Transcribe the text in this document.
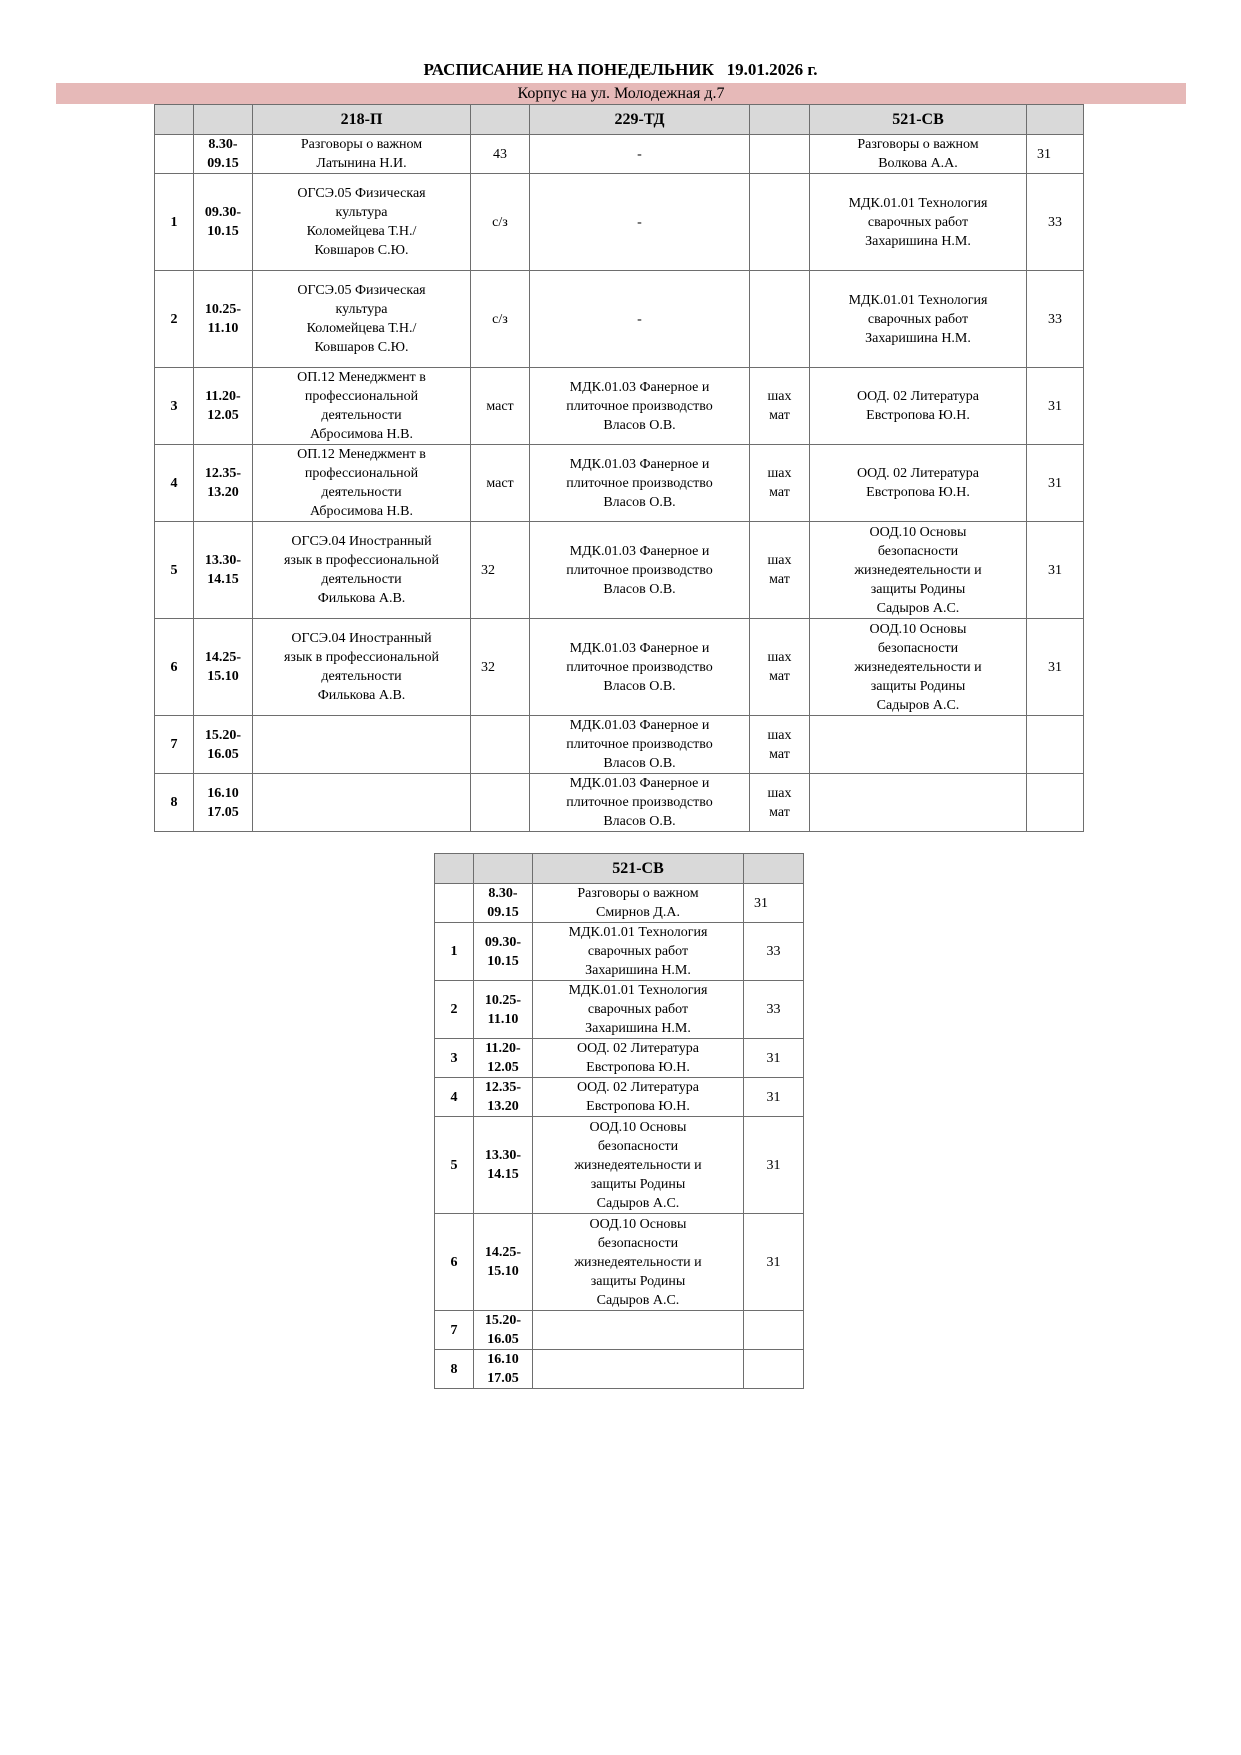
РАСПИСАНИЕ НА ПОНЕДЕЛЬНИК   19.01.2026 г.
Корпус на ул. Молодежная д.7
		218-П		229-ТД		521-СВ	
	8.30- 09.15	Разговоры о важном
Латынина Н.И.	43	-		Разговоры о важном
Волкова А.А.	31
1	09.30- 10.15	ОГСЭ.05 Физическая
культура
Коломейцева Т.Н./
Ковшаров С.Ю.	с/з	-		МДК.01.01 Технология
сварочных работ
Захаришина Н.М.	33
2	10.25- 11.10	ОГСЭ.05 Физическая
культура
Коломейцева Т.Н./
Ковшаров С.Ю.	с/з	-		МДК.01.01 Технология
сварочных работ
Захаришина Н.М.	33
3	11.20- 12.05	ОП.12 Менеджмент в
профессиональной
деятельности
Абросимова Н.В.	маст	МДК.01.03 Фанерное и
плиточное производство
Власов О.В.	шах
мат	ООД. 02 Литература
Евстропова Ю.Н.	31
4	12.35- 13.20	ОП.12 Менеджмент в
профессиональной
деятельности
Абросимова Н.В.	маст	МДК.01.03 Фанерное и
плиточное производство
Власов О.В.	шах
мат	ООД. 02 Литература
Евстропова Ю.Н.	31
5	13.30- 14.15	ОГСЭ.04 Иностранный
язык в профессиональной
деятельности
Филькова А.В.	32	МДК.01.03 Фанерное и
плиточное производство
Власов О.В.	шах
мат	ООД.10 Основы
безопасности
жизнедеятельности и
защиты Родины
Садыров А.С.	31
6	14.25- 15.10	ОГСЭ.04 Иностранный
язык в профессиональной
деятельности
Филькова А.В.	32	МДК.01.03 Фанерное и
плиточное производство
Власов О.В.	шах
мат	ООД.10 Основы
безопасности
жизнедеятельности и
защиты Родины
Садыров А.С.	31
7	15.20- 16.05			МДК.01.03 Фанерное и
плиточное производство
Власов О.В.	шах
мат		
8	16.10 17.05			МДК.01.03 Фанерное и
плиточное производство
Власов О.В.	шах
мат		
		521-СВ	
	8.30- 09.15	Разговоры о важном
Смирнов Д.А.	31
1	09.30- 10.15	МДК.01.01 Технология
сварочных работ
Захаришина Н.М.	33
2	10.25- 11.10	МДК.01.01 Технология
сварочных работ
Захаришина Н.М.	33
3	11.20- 12.05	ООД. 02 Литература
Евстропова Ю.Н.	31
4	12.35- 13.20	ООД. 02 Литература
Евстропова Ю.Н.	31
5	13.30- 14.15	ООД.10 Основы
безопасности
жизнедеятельности и
защиты Родины
Садыров А.С.	31
6	14.25- 15.10	ООД.10 Основы
безопасности
жизнедеятельности и
защиты Родины
Садыров А.С.	31
7	15.20- 16.05		
8	16.10 17.05		
